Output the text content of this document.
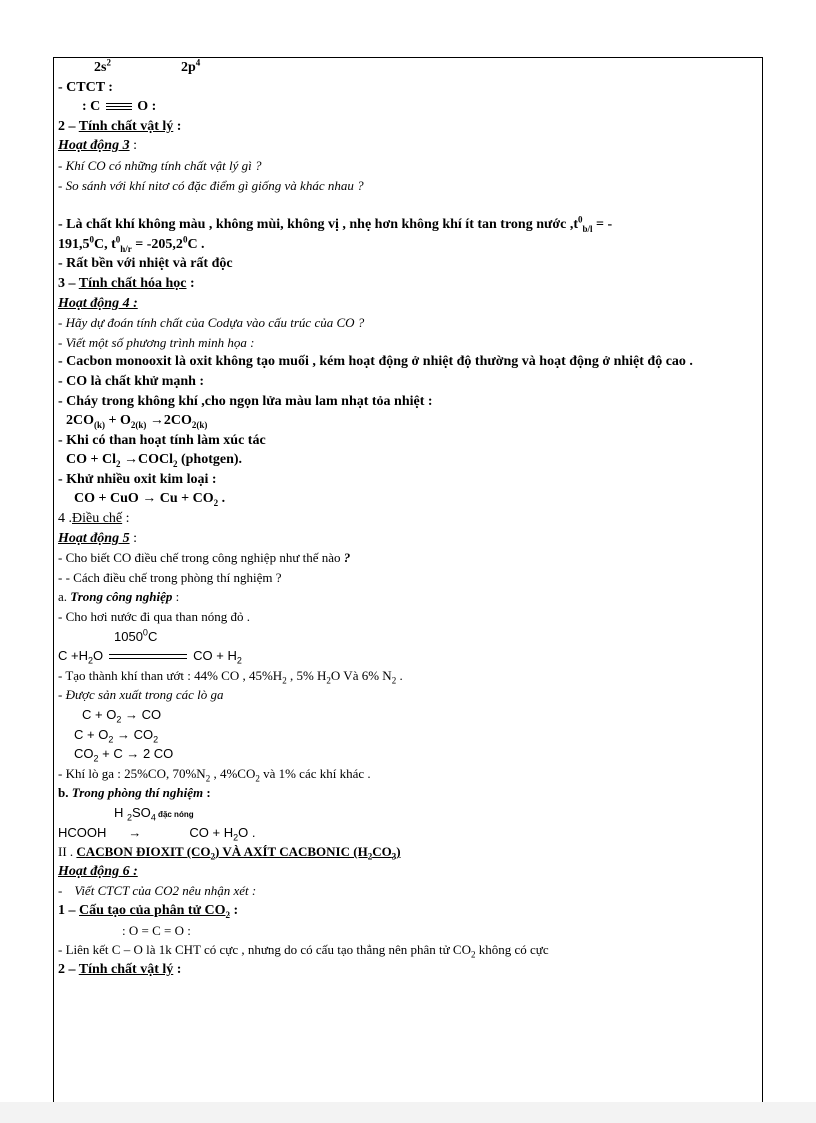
$2s^2$	$2p^4$

- CTCT :

: C	O :

2 – Tính chất vật lý :

Hoạt động 3 :

- Khí CO có những tính chất vật lý gì ?

- So sánh với khí nitơ có đặc điểm gì giống và khác nhau ?

- Là chất khí không màu , không mùi, không vị , nhẹ hơn không khí ít tan trong nước $,t^0_{b/l}$ = -

191,5$^0$C, $t^0_{h/r} = -205,2^0C$ .

- Rất bền với nhiệt và rất độc

3 – Tính chất hóa học :

Hoạt động 4 :

- Hãy dự đoán tính chất của Codựa vào cấu trúc của CO ?

- Viết một số phương trình minh họa :

- Cacbon monooxit là oxit không tạo muối , kém hoạt động ở nhiệt độ thường và hoạt động ở nhiệt độ cao .

- CO là chất khử mạnh :

- Cháy trong không khí ,cho ngọn lửa màu lam nhạt tỏa nhiệt :

$2CO_{(k)} + O_{2(k)} \to 2CO_{2(k)}$

- Khi có than hoạt tính làm xúc tác

CO + $Cl_2$ →COCl$_2$ (photgen).

- Khử nhiều oxit kim loại :

CO + CuO → $Cu + CO_2$ .

4 .Điều chế :

Hoạt động 5 :

- Cho biết CO điều chế trong công nghiệp như thế nào ?

- - Cách điều chế trong phòng thí nghiệm ?

a. Trong công nghiệp :

- Cho hơi nước đi qua than nóng đỏ .

1050$^0$C

$C +H_2O$	CO + $H_2$

- Tạo thành khí than ướt : 44% CO , $45\%H_2$ , 5% $H_2O$ Và 6% $N_2$ .

- Được sản xuất trong các lò ga

$C + O_2$ → CO

$C + O_2 \to CO_2$

$CO_2 + C \to 2$ CO

- Khí lò ga : 25%CO, $70\%N_2$ , $4\%CO_2$ và 1% các khí khác .

b. Trong phòng thí nghiệm :

H $_2SO_4$ đặc nóng

HCOOH →	CO + $H_2O$ .

II . CACBON ĐIOXIT $(CO_2)$ VÀ AXÍT CACBONIC $(H_2CO_3)$

Hoạt động 6 :

- Viết CTCT của CO2 nêu nhận xét :

1 – Cấu tạo của phân tử $CO_2$ :

: O = C = O :

- Liên kết C – O là 1k CHT có cực , nhưng do có cấu tạo thẳng nên phân tử $CO_2$ không có cực

2 – Tính chất vật lý :
